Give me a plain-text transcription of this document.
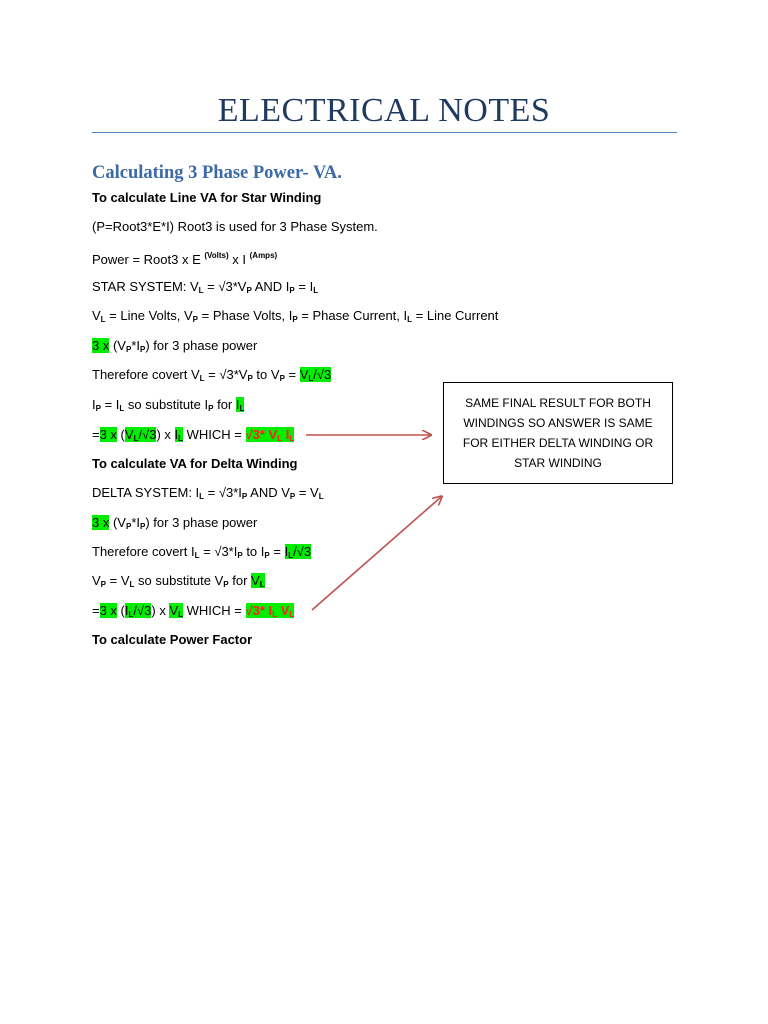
ELECTRICAL NOTES
Calculating 3 Phase Power- VA.
To calculate Line VA for Star Winding
(P=Root3*E*I) Root3 is used for 3 Phase System.
Power = Root3 x E $^{(Volts)}$ x I $^{(Amps)}$
STAR SYSTEM: $V_L = √3*V_P$ AND $I_P = I_L$
$V_L$ = Line Volts, $V_P$ = Phase Volts, $I_P$ = Phase Current, $I_L$ = Line Current
3 x $(V_P*I_P)$ for 3 phase power
Therefore covert $V_L = √3*V_P$ to $V_P = V_L/√3$
$I_P = I_L$ so substitute $I_P$ for $I_L$
=3 x $(V_L/√3)$ x $I_L$ WHICH = √3* $V_L$ $I_L$
To calculate VA for Delta Winding
DELTA SYSTEM: $I_L = √3*I_P$ AND $V_P = V_L$
3 x $(V_P*I_P)$ for 3 phase power
Therefore covert $I_L = √3*I_P$ to $I_P = I_L/√3$
$V_P = V_L$ so substitute $V_P$ for $V_L$
=3 x $(I_L/√3)$ x $V_L$ WHICH = √3* $I_L$ $V_L$
To calculate Power Factor
SAME FINAL RESULT FOR BOTH
WINDINGS SO ANSWER IS SAME
FOR EITHER DELTA WINDING OR
STAR WINDING
